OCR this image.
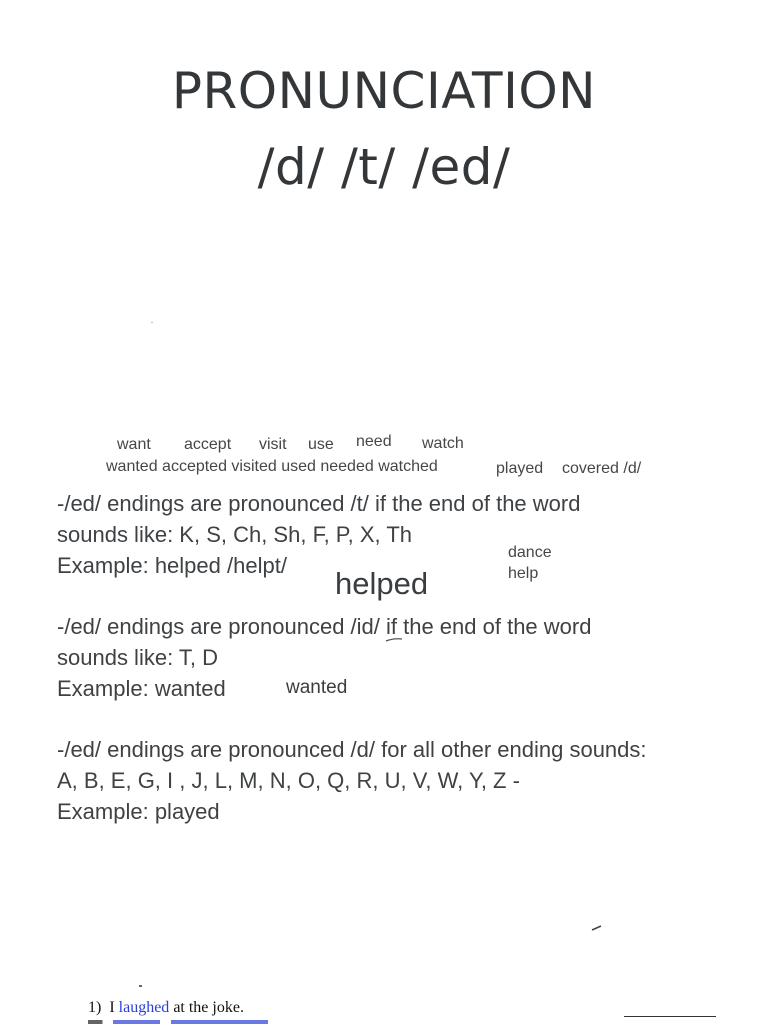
PRONUNCIATION
/d/ /t/ /ed/
want accept visit use need watch
wanted accepted visited used needed watched	played covered /d/
-/ed/ endings are pronounced /t/ if the end of the word
sounds like: K, S, Ch, Sh, F, P, X, Th
Example: helped /helpt/
dance
help
helped
-/ed/ endings are pronounced /id/ if the end of the word
sounds like: T, D
Example: wanted	wanted
-/ed/ endings are pronounced /d/ for all other ending sounds:
A, B, E, G, I , J, L, M, N, O, Q, R, U, V, W, Y, Z -
Example: played
1) I laughed at the joke.
